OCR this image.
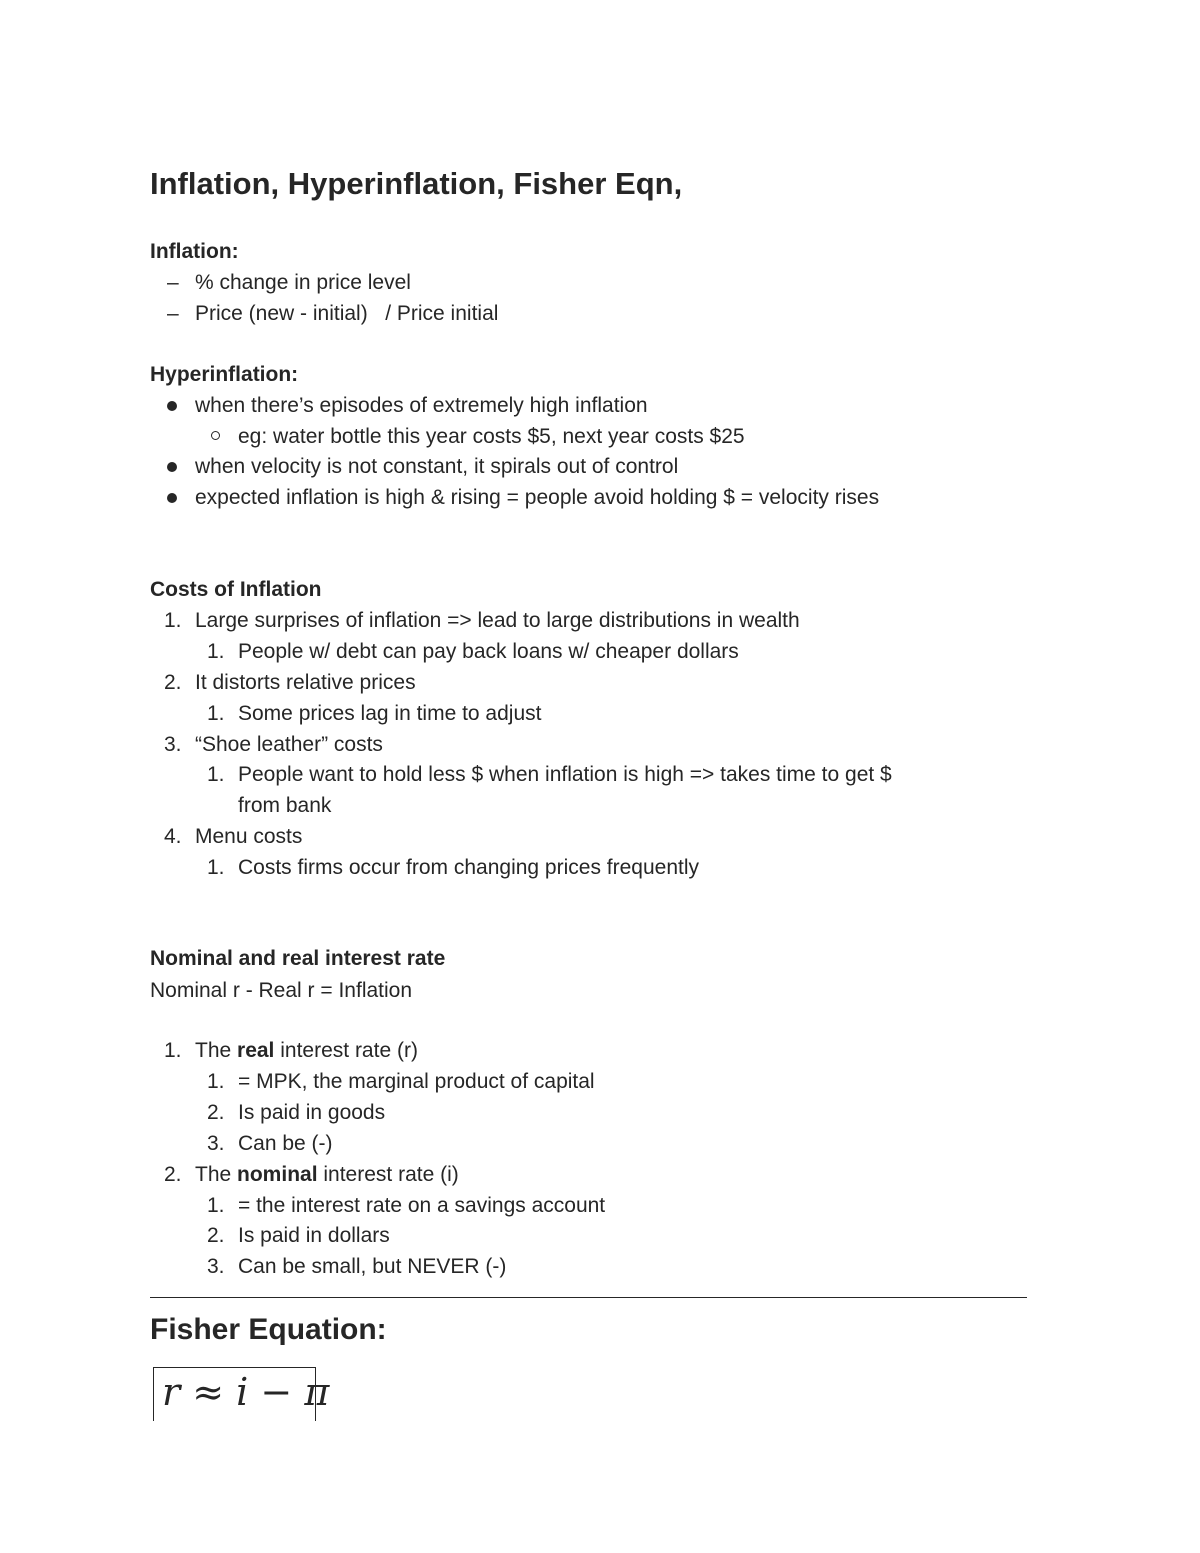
Inflation, Hyperinflation, Fisher Eqn,
Inflation:
– % change in price level
– Price (new - initial)   / Price initial
Hyperinflation:
when there’s episodes of extremely high inflation
eg: water bottle this year costs $5, next year costs $25
when velocity is not constant, it spirals out of control
expected inflation is high & rising = people avoid holding $ = velocity rises
Costs of Inflation
1. Large surprises of inflation => lead to large distributions in wealth
1. People w/ debt can pay back loans w/ cheaper dollars
2. It distorts relative prices
1. Some prices lag in time to adjust
3. “Shoe leather” costs
1. People want to hold less $ when inflation is high => takes time to get $
from bank
4. Menu costs
1. Costs firms occur from changing prices frequently
Nominal and real interest rate
Nominal r - Real r = Inflation
1. The real interest rate (r)
1. = MPK, the marginal product of capital
2. Is paid in goods
3. Can be (-)
2. The nominal interest rate (i)
1. = the interest rate on a savings account
2. Is paid in dollars
3. Can be small, but NEVER (-)
Fisher Equation:
r ≈ i − π
